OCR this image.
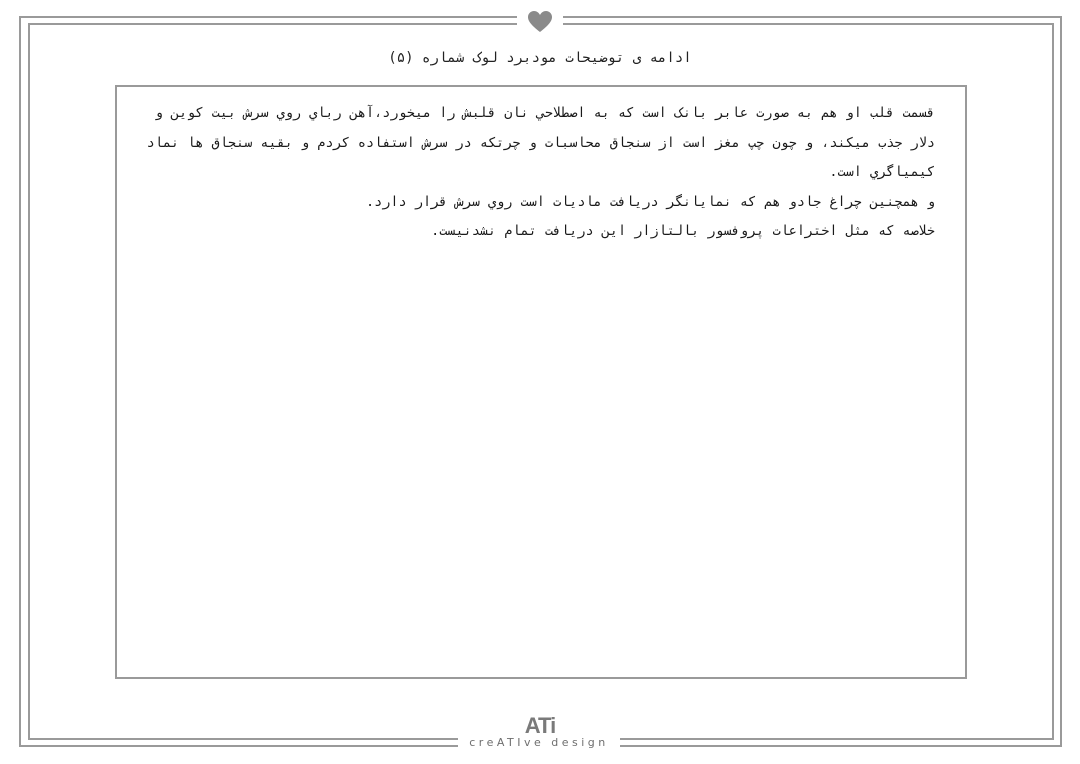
ادامه ی توضیحات مودبرد لوک شماره (۵)

قسمت قلب او هم به صورت عابر بانک است که به اصطلاحي نان قلبش را ميخورد،آهن رباي روي سرش بيت کوين و دلار جذب ميکند، و چون چپ مغز است از سنجاق محاسبات و چرتکه در سرش استفاده کردم و بقيه سنجاق ها نماد کيمياگري است.

و همچنين چراغ جادو هم که نمايانگر دريافت ماديات است روي سرش قرار دارد.

خلاصه که مثل اختراعات پروفسور بالتازار اين دريافت تمام نشدنيست.

ATi
creATIve design
